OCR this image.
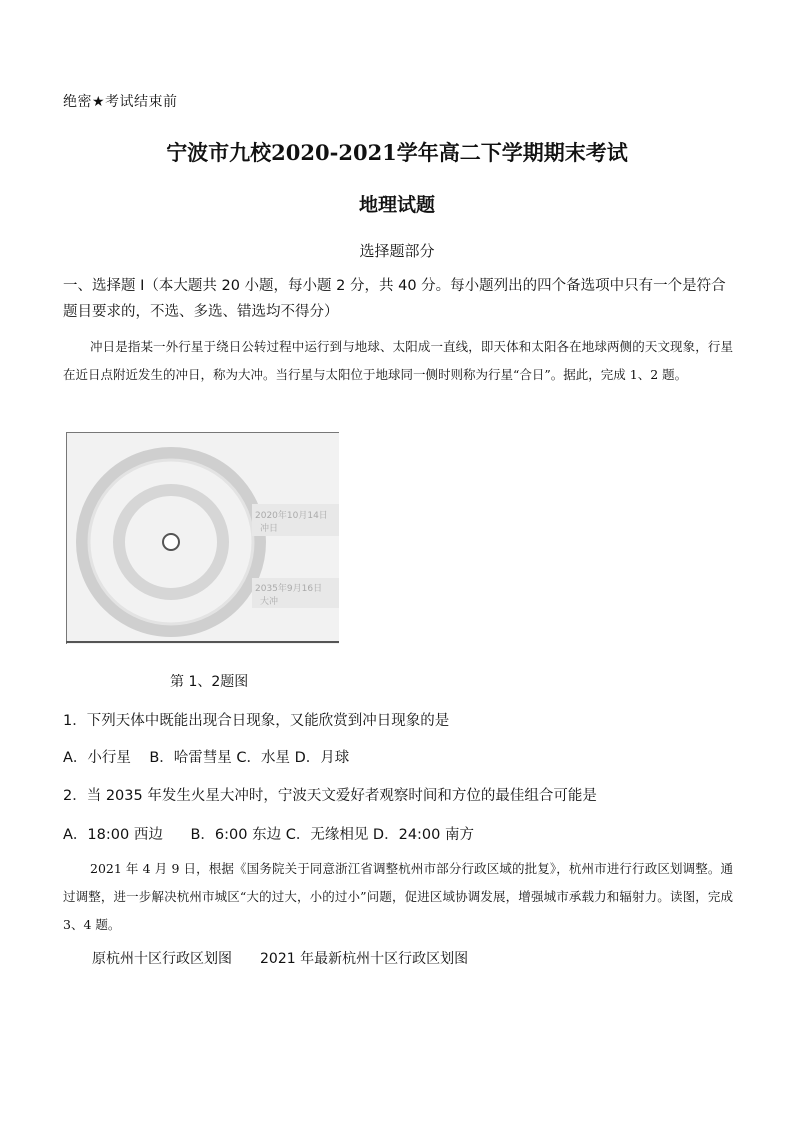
绝密★考试结束前
宁波市九校2020-2021学年高二下学期期末考试
地理试题
选择题部分
一、选择题 I（本大题共 20 小题，每小题 2 分，共 40 分。每小题列出的四个备选项中只有一个是符合题目要求的，不选、多选、错选均不得分）
冲日是指某一外行星于绕日公转过程中运行到与地球、太阳成一直线，即天体和太阳各在地球两侧的天文现象，行星在近日点附近发生的冲日，称为大冲。当行星与太阳位于地球同一侧时则称为行星“合日”。据此，完成 1、2 题。
2020年10月14日
冲日
2035年9月16日
大冲
第 1、2题图
1．下列天体中既能出现合日现象，又能欣赏到冲日现象的是
A．小行星    B．哈雷彗星 C．水星 D．月球
2．当 2035 年发生火星大冲时，宁波天文爱好者观察时间和方位的最佳组合可能是
A．18:00 西边      B．6:00 东边 C．无缘相见 D．24:00 南方
2021 年 4 月 9 日，根据《国务院关于同意浙江省调整杭州市部分行政区域的批复》，杭州市进行行政区划调整。通过调整，进一步解决杭州市城区“大的过大，小的过小”问题，促进区域协调发展，增强城市承载力和辐射力。读图，完成 3、4 题。
原杭州十区行政区划图 2021 年最新杭州十区行政区划图
